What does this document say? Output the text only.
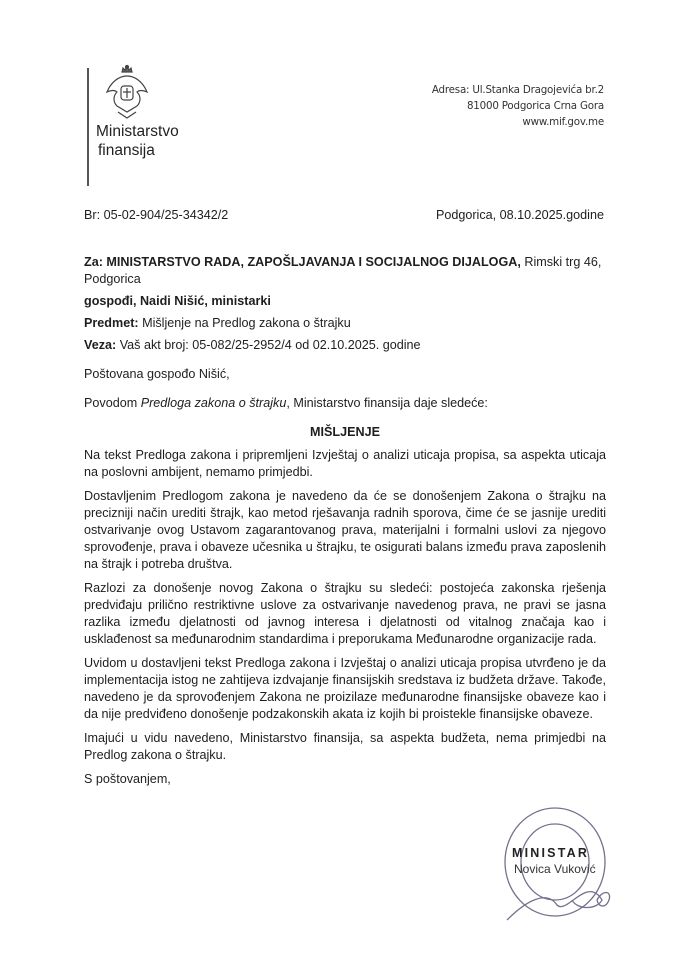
Ministarstvo
finansija
Adresa: Ul.Stanka Dragojevića br.2
81000 Podgorica Crna Gora
www.mif.gov.me
Br: 05-02-904/25-34342/2	Podgorica, 08.10.2025.godine

Za: MINISTARSTVO RADA, ZAPOŠLJAVANJA I SOCIJALNOG DIJALOGA, Rimski trg 46, Podgorica

gospođi, Naidi Nišić, ministarki

Predmet: Mišljenje na Predlog zakona o štrajku

Veza: Vaš akt broj: 05-082/25-2952/4 od 02.10.2025. godine

Poštovana gospođo Nišić,

Povodom Predloga zakona o štrajku, Ministarstvo finansija daje sledeće:

MIŠLJENJE

Na tekst Predloga zakona i pripremljeni Izvještaj o analizi uticaja propisa, sa aspekta uticaja na poslovni ambijent, nemamo primjedbi.

Dostavljenim Predlogom zakona je navedeno da će se donošenjem Zakona o štrajku na precizniji način urediti štrajk, kao metod rješavanja radnih sporova, čime će se jasnije urediti ostvarivanje ovog Ustavom zagarantovanog prava, materijalni i formalni uslovi za njegovo sprovođenje, prava i obaveze učesnika u štrajku, te osigurati balans između prava zaposlenih na štrajk i potreba društva.

Razlozi za donošenje novog Zakona o štrajku su sledeći: postojeća zakonska rješenja predviđaju prilično restriktivne uslove za ostvarivanje navedenog prava, ne pravi se jasna razlika između djelatnosti od javnog interesa i djelatnosti od vitalnog značaja kao i usklađenost sa međunarodnim standardima i preporukama Međunarodne organizacije rada.

Uvidom u dostavljeni tekst Predloga zakona i Izvještaj o analizi uticaja propisa utvrđeno je da implementacija istog ne zahtijeva izdvajanje finansijskih sredstava iz budžeta države. Takođe, navedeno je da sprovođenjem Zakona ne proizilaze međunarodne finansijske obaveze kao i da nije predviđeno donošenje podzakonskih akata iz kojih bi proistekle finansijske obaveze.

Imajući u vidu navedeno, Ministarstvo finansija, sa aspekta budžeta, nema primjedbi na Predlog zakona o štrajku.

S poštovanjem,

MINISTAR
Novica Vuković
